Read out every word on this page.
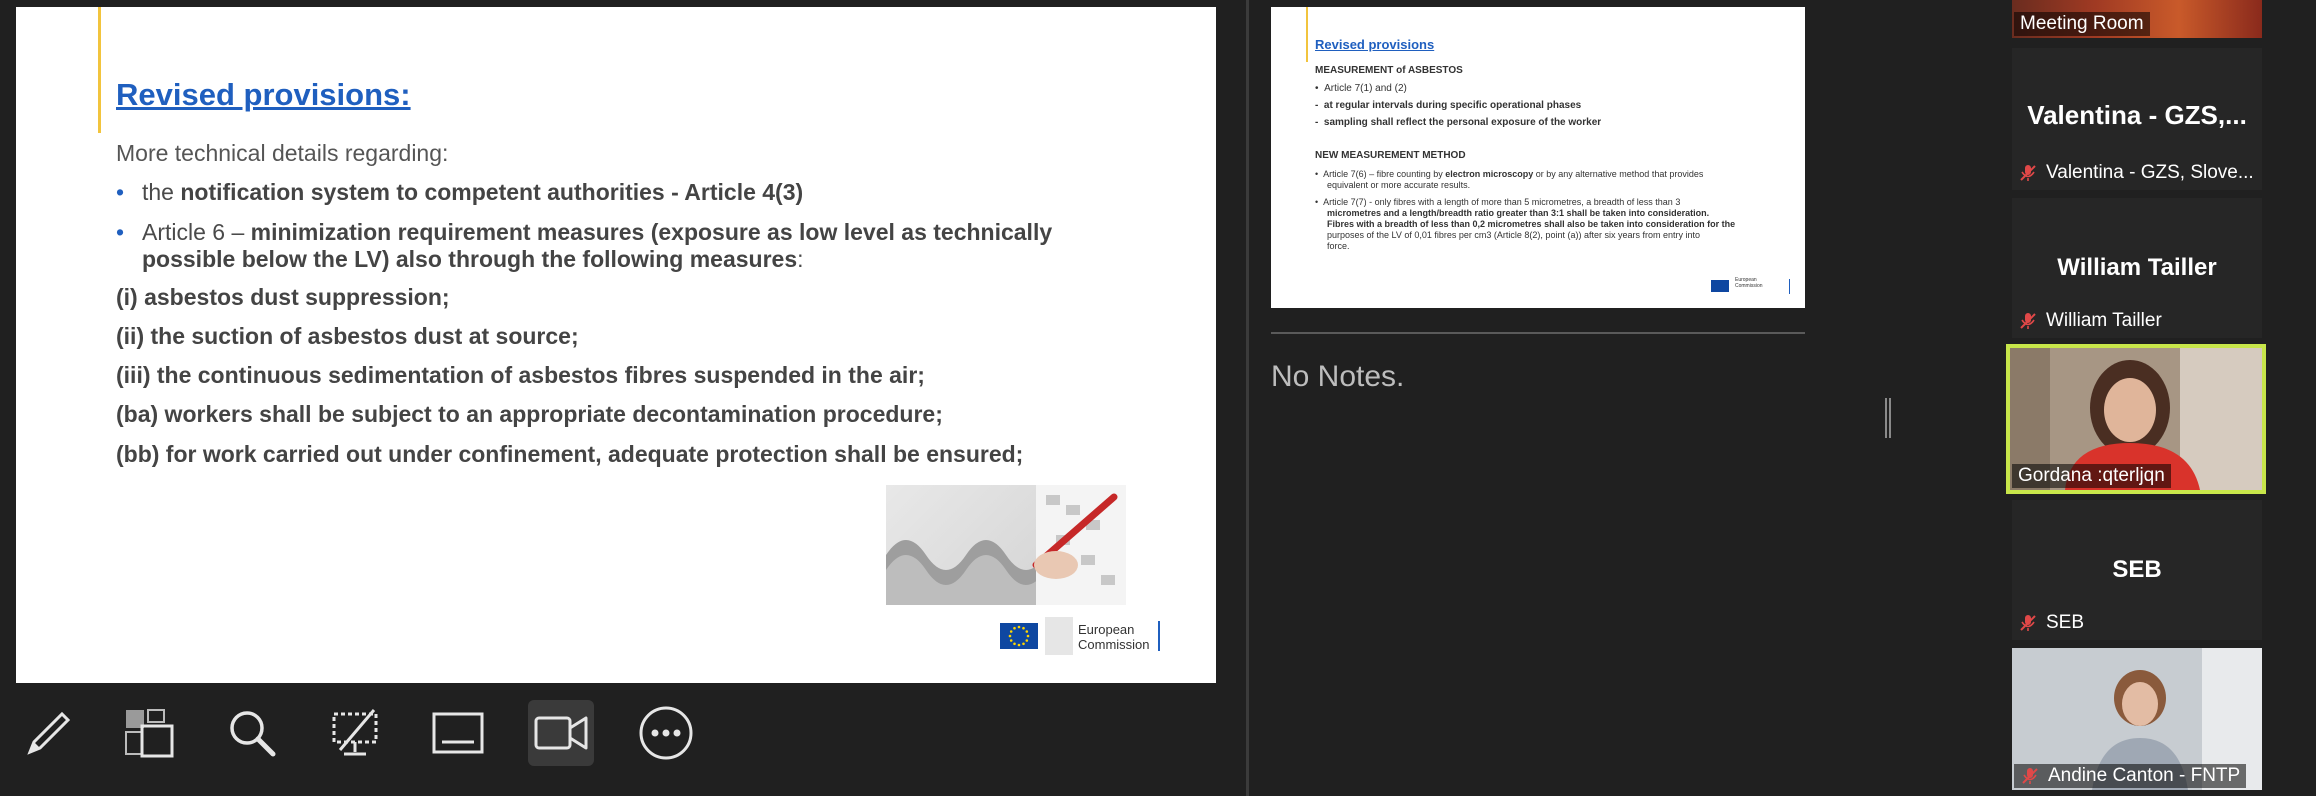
Revised provisions:
More technical details regarding:
• the notification system to competent authorities - Article 4(3)
• Article 6 – minimization requirement measures (exposure as low level as technically
possible below the LV) also through the following measures:
(i) asbestos dust suppression;
(ii) the suction of asbestos dust at source;
(iii) the continuous sedimentation of asbestos fibres suspended in the air;
(ba) workers shall be subject to an appropriate decontamination procedure;
(bb) for work carried out under confinement, adequate protection shall be ensured;
European
Commission
Revised provisions
MEASUREMENT of ASBESTOS
•  Article 7(1) and (2)
-  at regular intervals during specific operational phases
-  sampling shall reflect the personal exposure of the worker
NEW MEASUREMENT METHOD
•  Article 7(6) – fibre counting by electron microscopy or by any alternative method that provides
equivalent or more accurate results.
•  Article 7(7) - only fibres with a length of more than 5 micrometres, a breadth of less than 3
micrometres and a length/breadth ratio greater than 3:1 shall be taken into consideration.
Fibres with a breadth of less than 0,2 micrometres shall also be taken into consideration for the
purposes of the LV of 0,01 fibres per cm3 (Article 8(2), point (a)) after six years from entry into
force.
European
Commission
No Notes.
Meeting Room
Valentina - GZS,...
Valentina - GZS, Slove...
William Tailler
William Tailler
Gordana :qterljqn
SEB
SEB
Andine Canton - FNTP
